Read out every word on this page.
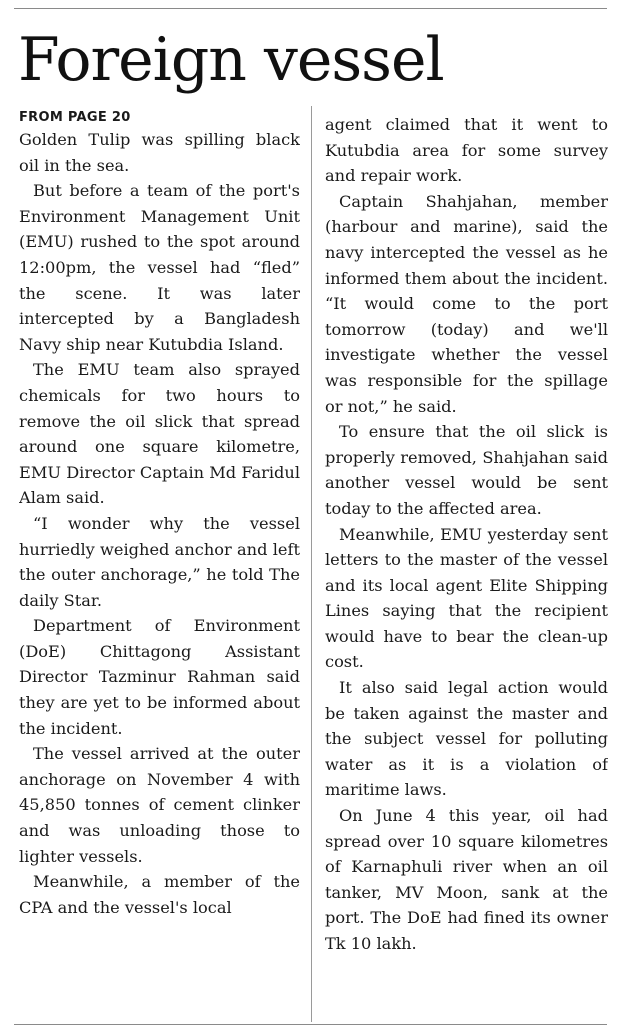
Foreign vessel

FROM PAGE 20

Golden Tulip was spilling black oil in the sea.

But before a team of the port's Environment Management Unit (EMU) rushed to the spot around 12:00pm, the vessel had “fled” the scene. It was later intercepted by a Bangladesh Navy ship near Kutubdia Island.

The EMU team also sprayed chemicals for two hours to remove the oil slick that spread around one square kilometre, EMU Director Captain Md Faridul Alam said.

“I wonder why the vessel hurriedly weighed anchor and left the outer anchorage,” he told The daily Star.

Department of Environment (DoE) Chittagong Assistant Director Tazminur Rahman said they are yet to be informed about the incident.

The vessel arrived at the outer anchorage on November 4 with 45,850 tonnes of cement clinker and was unloading those to lighter vessels.

Meanwhile, a member of the CPA and the vessel's local

agent claimed that it went to Kutubdia area for some survey and repair work.

Captain Shahjahan, member (harbour and marine), said the navy intercepted the vessel as he informed them about the incident. “It would come to the port tomorrow (today) and we'll investigate whether the vessel was responsible for the spillage or not,” he said.

To ensure that the oil slick is properly removed, Shahjahan said another vessel would be sent today to the affected area.

Meanwhile, EMU yesterday sent letters to the master of the vessel and its local agent Elite Shipping Lines saying that the recipient would have to bear the clean-up cost.

It also said legal action would be taken against the master and the subject vessel for polluting water as it is a violation of maritime laws.

On June 4 this year, oil had spread over 10 square kilometres of Karnaphuli river when an oil tanker, MV Moon, sank at the port. The DoE had fined its owner Tk 10 lakh.
